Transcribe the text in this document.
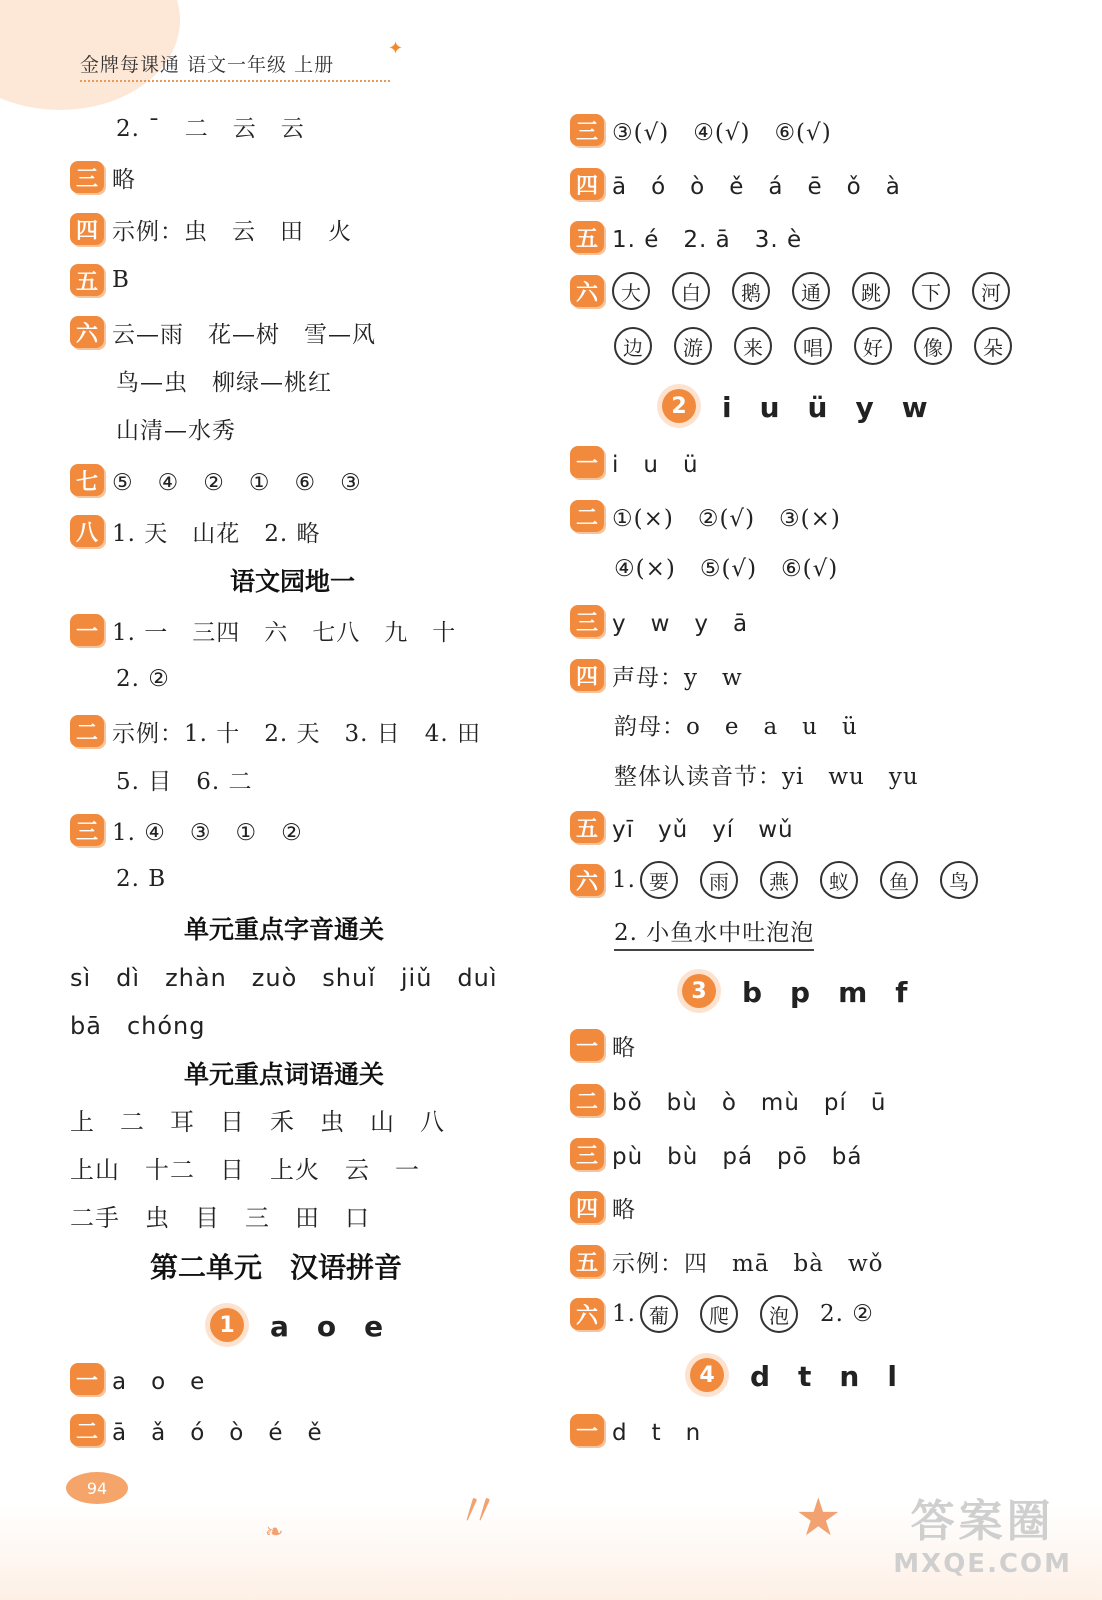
金牌每课通 语文一年级 上册
✦
2. ˉ　二　云　云
三 略
四 示例：虫　云　田　火
五 B
六 云—雨　花—树　雪—风
鸟—虫　柳绿—桃红
山清—水秀
七 ⑤　④　②　①　⑥　③
八 1. 天　山花　2. 略
语文园地一
一 1. 一　三四　六　七八　九　十
2. ②
二 示例：1. 十　2. 天　3. 日　4. 田
5. 目　6. 二
三 1. ④　③　①　②
2. B
单元重点字音通关
sì　dì　zhàn　zuò　shuǐ　jiǔ　duì
bā　chóng
单元重点词语通关
上　二　耳　日　禾　虫　山　八
上山　十二　日　上火　云　一
二手　虫　目　三　田　口
第二单元　汉语拼音
1	a　o　e
一 a　o　e
二 ā　ǎ　ó　ò　é　ě
三 ③(√)　④(√)　⑥(√)
四 ā　ó　ò　ě　á　ē　ǒ　à
五 1. é　2. ā　3. è
六	大	白	鹅	通	跳	下	河
边	游	来	唱	好	像	朵
2	i　u　ü　y　w
一 i　u　ü
二 ①(×)　②(√)　③(×)
④(×)　⑤(√)　⑥(√)
三 y　w　y　ā
四 声母：y　w
韵母：o　e　a　u　ü
整体认读音节：yi　wu　yu
五 yī　yǔ　yí　wǔ
六 1. 要	雨	燕	蚁	鱼	鸟
2. 小鱼水中吐泡泡
3	b　p　m　f
一 略
二 bǒ　bù　ò　mù　pí　ū
三 pù　bù　pá　pō　bá
四 略
五 示例：四　mā　bà　wǒ
六 1. 葡	爬	泡	2. ②
4	d　t　n　l
一 d　t　n
94
❧	〃	★	答案圈
MXQE.COM
